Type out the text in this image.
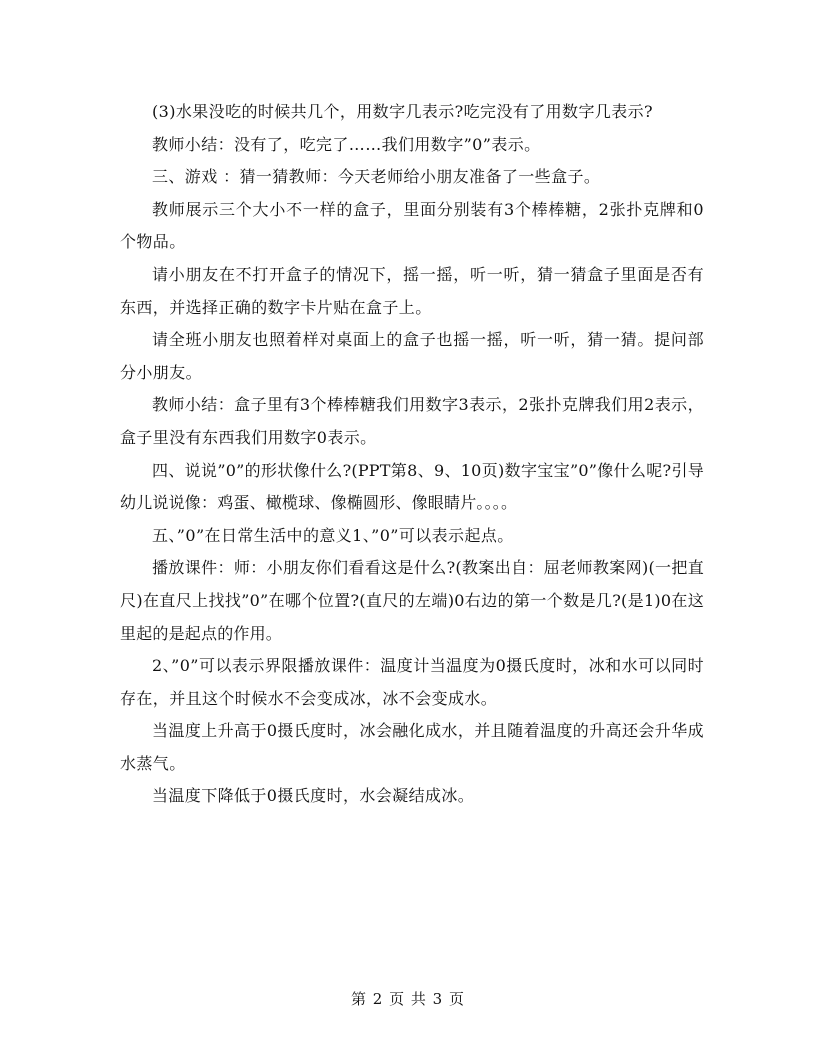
(3)水果没吃的时候共几个，用数字几表示?吃完没有了用数字几表示?

教师小结：没有了，吃完了……我们用数字”0”表示。

三、游戏 ：猜一猜教师：今天老师给小朋友准备了一些盒子。

教师展示三个大小不一样的盒子，里面分别装有3个棒棒糖，2张扑克牌和0个物品。

请小朋友在不打开盒子的情况下，摇一摇，听一听，猜一猜盒子里面是否有东西，并选择正确的数字卡片贴在盒子上。

请全班小朋友也照着样对桌面上的盒子也摇一摇，听一听，猜一猜。提问部分小朋友。

教师小结：盒子里有3个棒棒糖我们用数字3表示，2张扑克牌我们用2表示，盒子里没有东西我们用数字0表示。

四、说说”0”的形状像什么?(PPT第8、9、10页)数字宝宝”0”像什么呢?引导幼儿说说像：鸡蛋、橄榄球、像椭圆形、像眼睛片。。。。

五、”0”在日常生活中的意义1、”0”可以表示起点。

播放课件：师：小朋友你们看看这是什么?(教案出自：屈老师教案网)(一把直尺)在直尺上找找”0”在哪个位置?(直尺的左端)0右边的第一个数是几?(是1)0在这里起的是起点的作用。

2、”0”可以表示界限播放课件：温度计当温度为0摄氏度时，冰和水可以同时存在，并且这个时候水不会变成冰，冰不会变成水。

当温度上升高于0摄氏度时，冰会融化成水，并且随着温度的升高还会升华成水蒸气。

当温度下降低于0摄氏度时，水会凝结成冰。

第 2 页 共 3 页
